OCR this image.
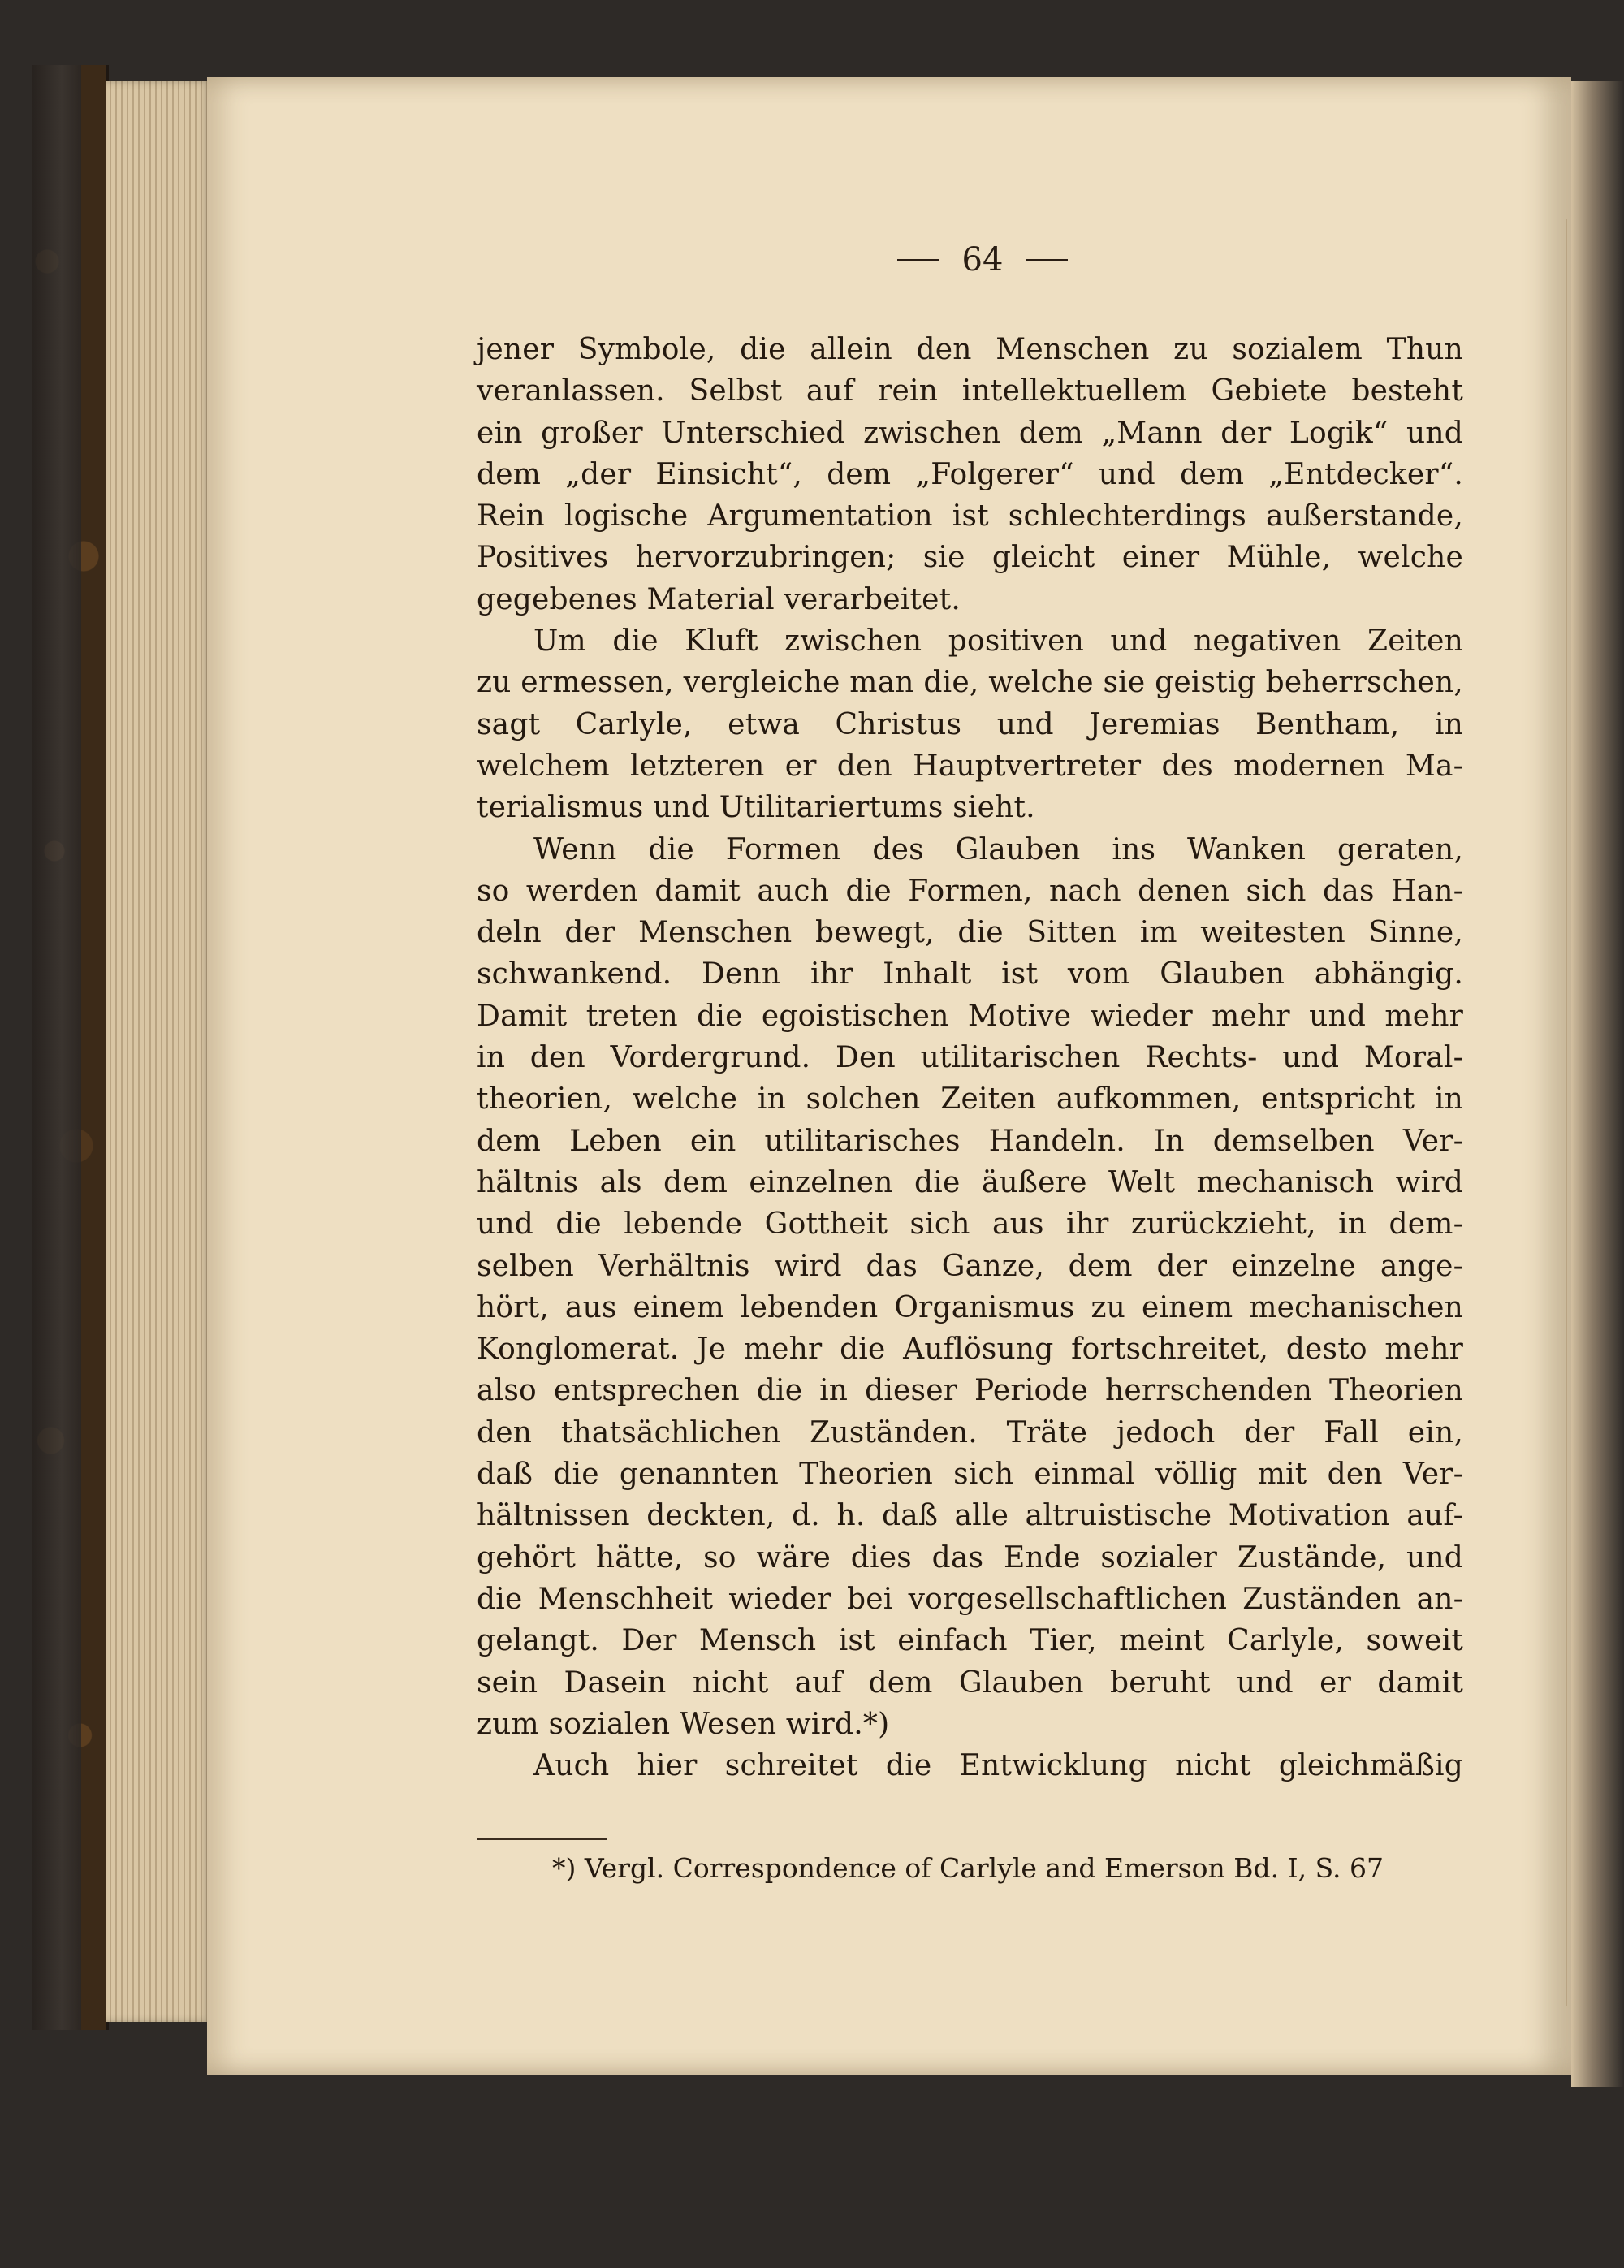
64
jener Symbole, die allein den Menschen zu sozialem Thun
veranlassen. Selbst auf rein intellektuellem Gebiete besteht
ein großer Unterschied zwischen dem „Mann der Logik“ und
dem „der Einsicht“, dem „Folgerer“ und dem „Entdecker“.
Rein logische Argumentation ist schlechterdings außerstande,
Positives hervorzubringen; sie gleicht einer Mühle, welche
gegebenes Material verarbeitet.
Um die Kluft zwischen positiven und negativen Zeiten
zu ermessen, vergleiche man die, welche sie geistig beherrschen,
sagt Carlyle, etwa Christus und Jeremias Bentham, in
welchem letzteren er den Hauptvertreter des modernen Ma-
terialismus und Utilitariertums sieht.
Wenn die Formen des Glauben ins Wanken geraten,
so werden damit auch die Formen, nach denen sich das Han-
deln der Menschen bewegt, die Sitten im weitesten Sinne,
schwankend. Denn ihr Inhalt ist vom Glauben abhängig.
Damit treten die egoistischen Motive wieder mehr und mehr
in den Vordergrund. Den utilitarischen Rechts- und Moral-
theorien, welche in solchen Zeiten aufkommen, entspricht in
dem Leben ein utilitarisches Handeln. In demselben Ver-
hältnis als dem einzelnen die äußere Welt mechanisch wird
und die lebende Gottheit sich aus ihr zurückzieht, in dem-
selben Verhältnis wird das Ganze, dem der einzelne ange-
hört, aus einem lebenden Organismus zu einem mechanischen
Konglomerat. Je mehr die Auflösung fortschreitet, desto mehr
also entsprechen die in dieser Periode herrschenden Theorien
den thatsächlichen Zuständen. Träte jedoch der Fall ein,
daß die genannten Theorien sich einmal völlig mit den Ver-
hältnissen deckten, d. h. daß alle altruistische Motivation auf-
gehört hätte, so wäre dies das Ende sozialer Zustände, und
die Menschheit wieder bei vorgesellschaftlichen Zuständen an-
gelangt. Der Mensch ist einfach Tier, meint Carlyle, soweit
sein Dasein nicht auf dem Glauben beruht und er damit
zum sozialen Wesen wird.*)
Auch hier schreitet die Entwicklung nicht gleichmäßig
*) Vergl. Correspondence of Carlyle and Emerson Bd. I, S. 67
